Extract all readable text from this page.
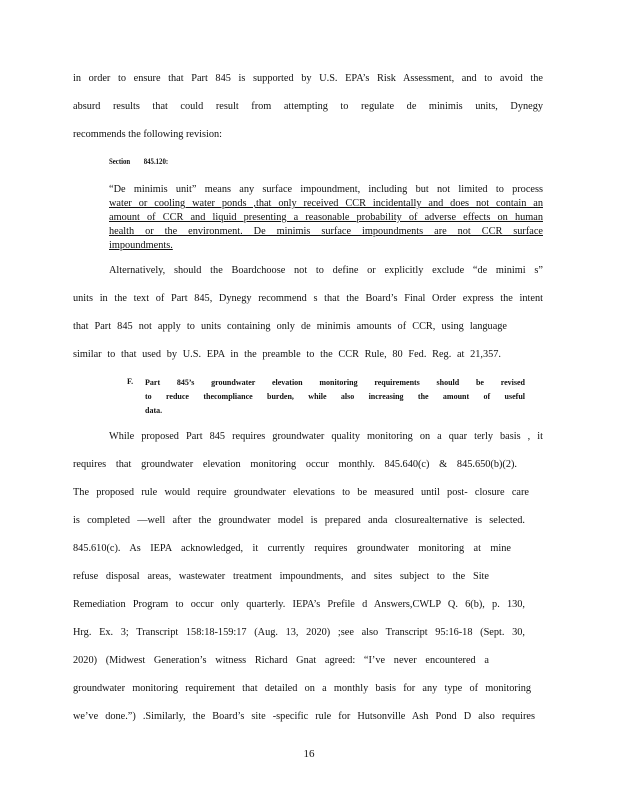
in order to ensure that Part 845 is supported by U.S. EPA’s Risk Assessment, and to avoid the
absurd results that could result from attempting to regulate de minimis units, Dynegy
recommends the following revision:
Section 845.120:
“De minimis unit” means any surface impoundment, including but not limited to process
water or cooling water ponds ,that only received CCR incidentally and does not contain an
amount of CCR and liquid presenting a reasonable probability of adverse effects on human
health or the environment. De minimis surface impoundments are not CCR surface
impoundments.
Alternatively, should the Boardchoose not to define or explicitly exclude “de minimi s”
units in the text of Part 845, Dynegy recommend s that the Board’s Final Order express the intent
that Part 845 not apply to units containing only de minimis amounts of CCR, using language
similar to that used by U.S. EPA in the preamble to the CCR Rule, 80 Fed. Reg. at 21,357.
F. Part 845’s groundwater elevation monitoring requirements should be revised
to reduce thecompliance burden, while also increasing the amount of useful
data.
While proposed Part 845 requires groundwater quality monitoring on a quar terly basis , it
requires that groundwater elevation monitoring occur monthly. 845.640(c) & 845.650(b)(2).
The proposed rule would require groundwater elevations to be measured until post- closure care
is completed —well after the groundwater model is prepared anda closurealternative is selected.
845.610(c). As IEPA acknowledged, it currently requires groundwater monitoring at mine
refuse disposal areas, wastewater treatment impoundments, and sites subject to the Site
Remediation Program to occur only quarterly. IEPA’s Prefile d Answers,CWLP Q. 6(b), p. 130,
Hrg. Ex. 3; Transcript 158:18-159:17 (Aug. 13, 2020) ;see also Transcript 95:16-18 (Sept. 30,
2020) (Midwest Generation’s witness Richard Gnat agreed: “I’ve never encountered a
groundwater monitoring requirement that detailed on a monthly basis for any type of monitoring
we’ve done.”) .Similarly, the Board’s site -specific rule for Hutsonville Ash Pond D also requires
16
